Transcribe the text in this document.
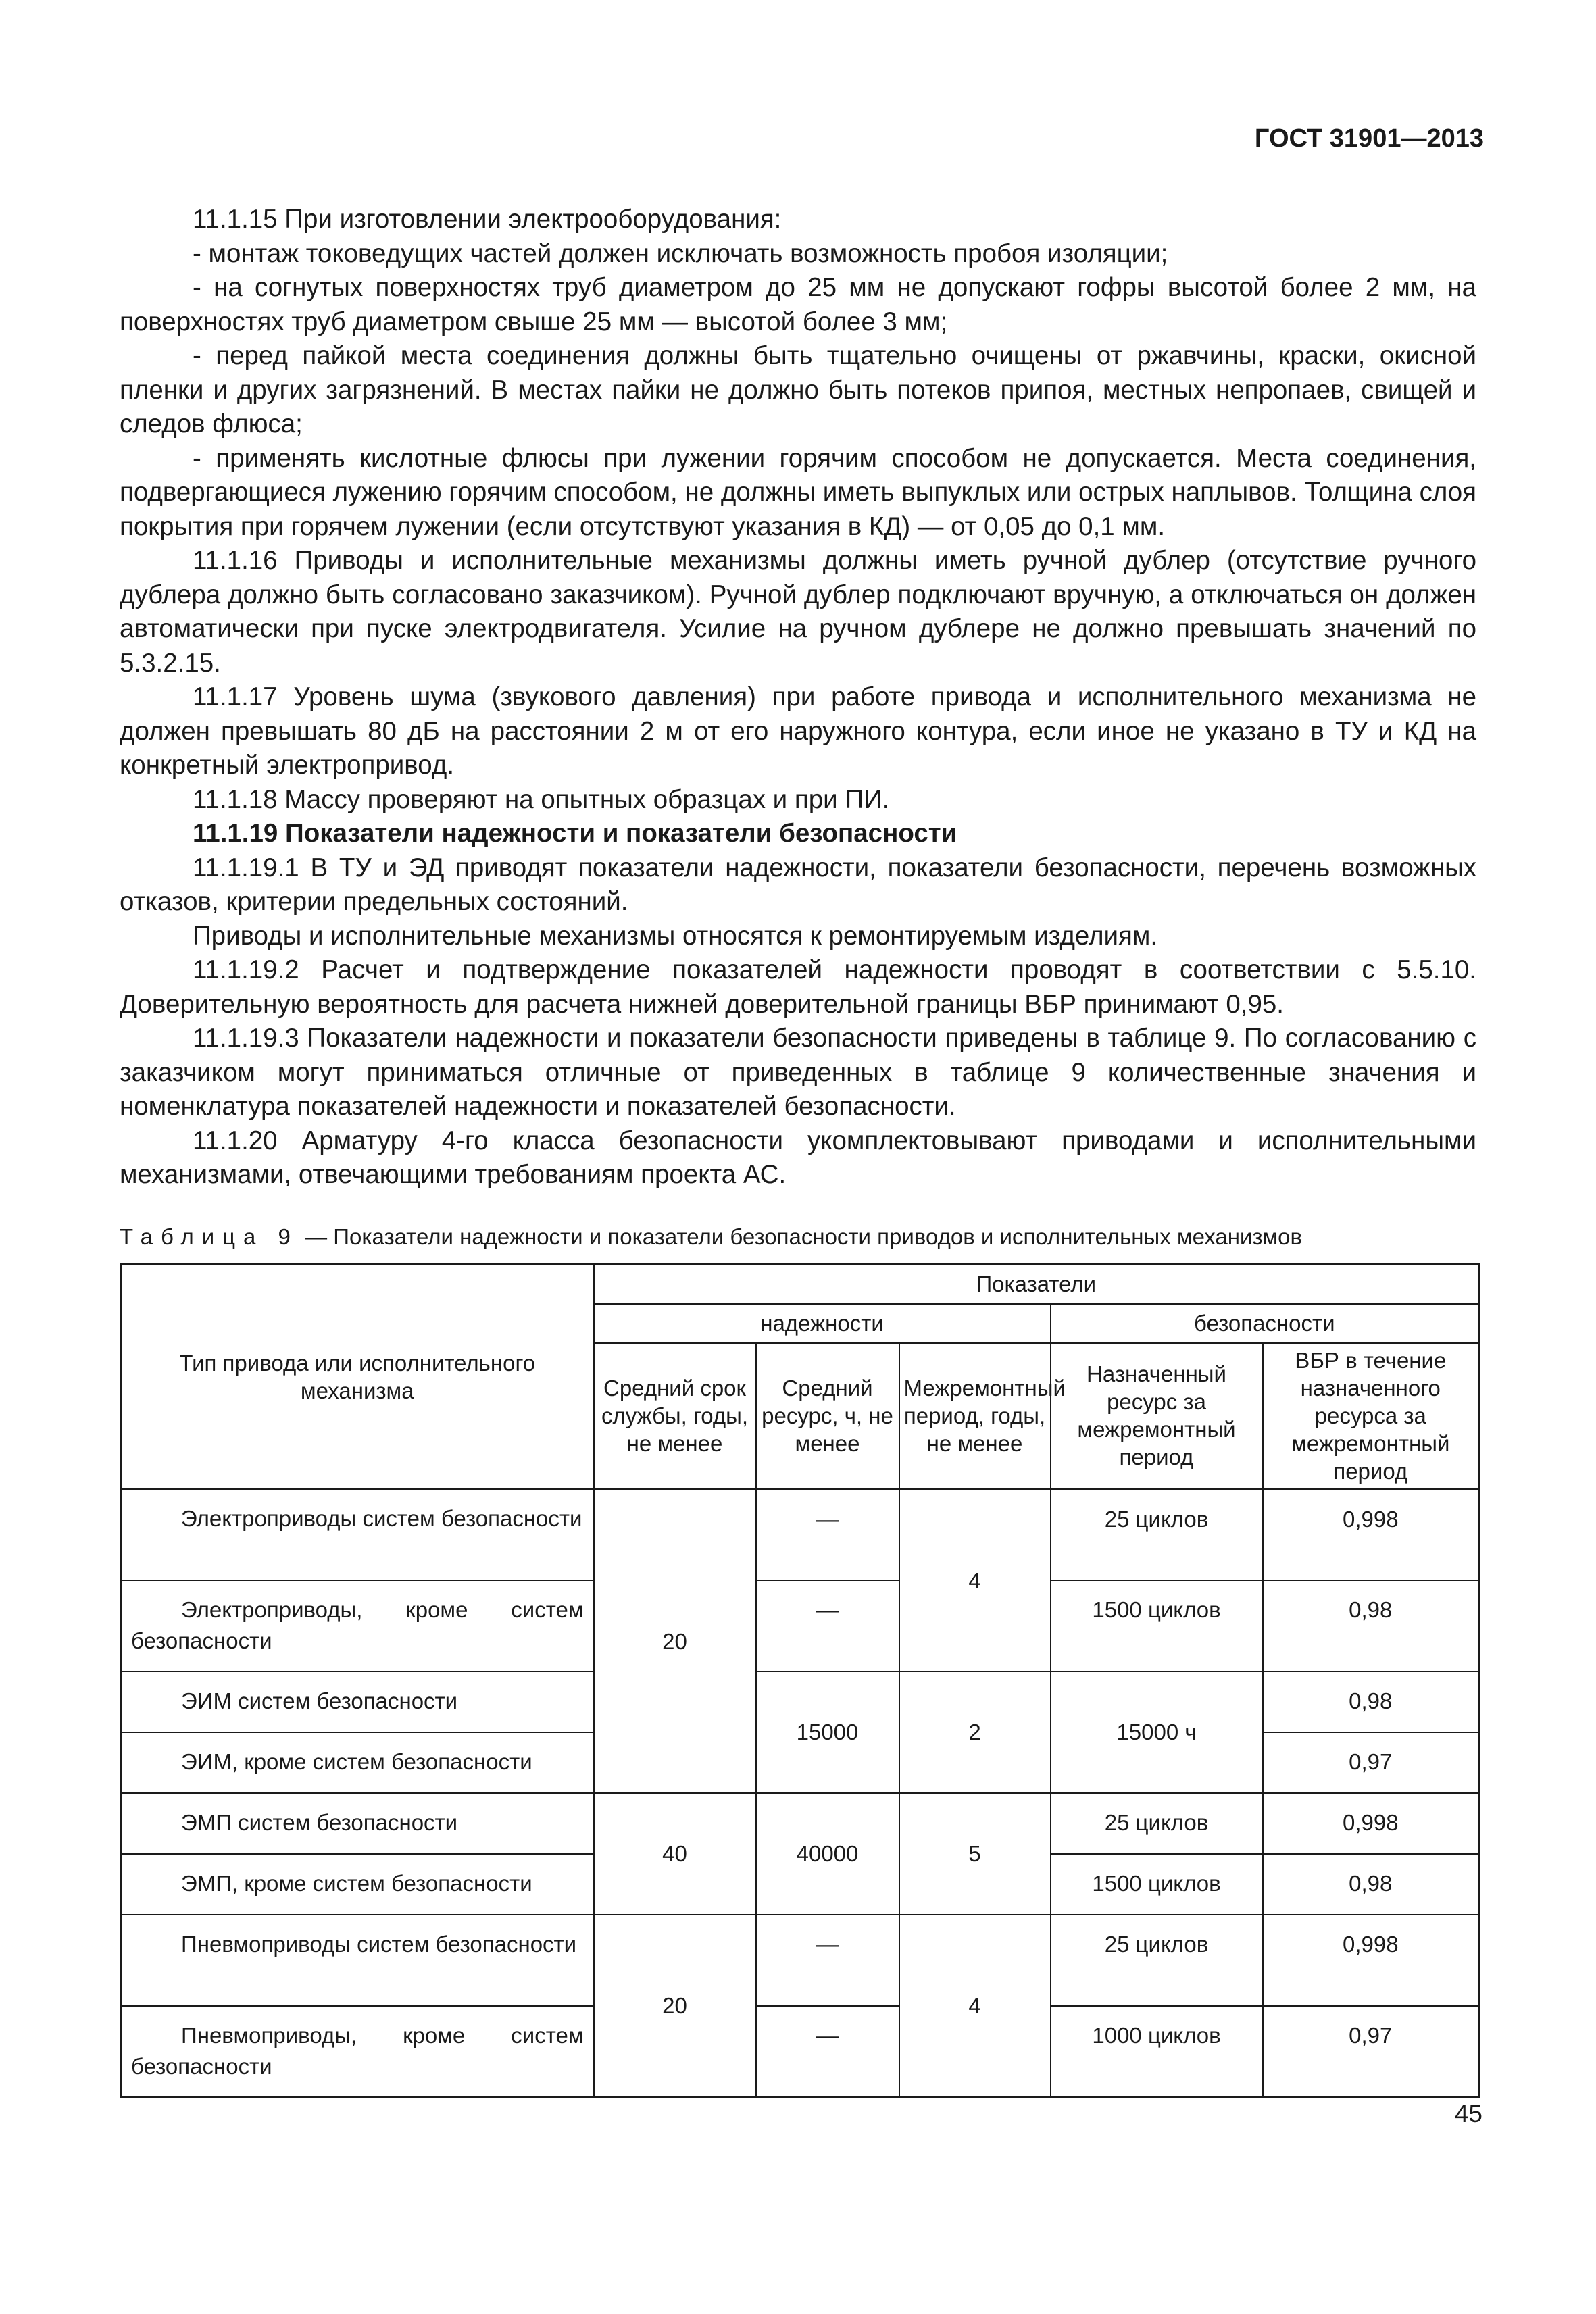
ГОСТ 31901—2013

11.1.15 При изготовлении электрооборудования:

- монтаж токоведущих частей должен исключать возможность пробоя изоляции;

- на согнутых поверхностях труб диаметром до 25 мм не допускают гофры высотой более 2 мм, на поверхностях труб диаметром свыше 25 мм — высотой более 3 мм;

- перед пайкой места соединения должны быть тщательно очищены от ржавчины, краски, окисной пленки и других загрязнений. В местах пайки не должно быть потеков припоя, местных непропаев, свищей и следов флюса;

- применять кислотные флюсы при лужении горячим способом не допускается. Места соединения, подвергающиеся лужению горячим способом, не должны иметь выпуклых или острых наплывов. Толщина слоя покрытия при горячем лужении (если отсутствуют указания в КД) — от 0,05 до 0,1 мм.

11.1.16 Приводы и исполнительные механизмы должны иметь ручной дублер (отсутствие ручного дублера должно быть согласовано заказчиком). Ручной дублер подключают вручную, а отключаться он должен автоматически при пуске электродвигателя. Усилие на ручном дублере не должно превышать значений по 5.3.2.15.

11.1.17 Уровень шума (звукового давления) при работе привода и исполнительного механизма не должен превышать 80 дБ на расстоянии 2 м от его наружного контура, если иное не указано в ТУ и КД на конкретный электропривод.

11.1.18 Массу проверяют на опытных образцах и при ПИ.

11.1.19 Показатели надежности и показатели безопасности

11.1.19.1 В ТУ и ЭД приводят показатели надежности, показатели безопасности, перечень возможных отказов, критерии предельных состояний.

Приводы и исполнительные механизмы относятся к ремонтируемым изделиям.

11.1.19.2 Расчет и подтверждение показателей надежности проводят в соответствии с 5.5.10. Доверительную вероятность для расчета нижней доверительной границы ВБР принимают 0,95.

11.1.19.3 Показатели надежности и показатели безопасности приведены в таблице 9. По согласованию с заказчиком могут приниматься отличные от приведенных в таблице 9 количественные значения и номенклатура показателей надежности и показателей безопасности.

11.1.20 Арматуру 4-го класса безопасности укомплектовывают приводами и исполнительными механизмами, отвечающими требованиям проекта АС.

Таблица 9 — Показатели надежности и показатели безопасности приводов и исполнительных механизмов
Тип привода или исполнительного механизма	Показатели				
	надежности			безопасности	
	Средний срок службы, годы, не менее	Средний ресурс, ч, не менее	Межремонтный период, годы, не менее	Назначенный ресурс за межремонтный период	ВБР в течение назначенного ресурса за межремонтный период

Электроприводы систем безопасности	20	—	4	25 циклов	0,998

Электроприводы, кроме систем безопасности		—		1500 циклов	0,98

ЭИМ систем безопасности		15000	2	15000 ч	0,98

ЭИМ, кроме систем безопасности					0,97

ЭМП систем безопасности	40	40000	5	25 циклов	0,998

ЭМП, кроме систем безопасности				1500 циклов	0,98

Пневмоприводы систем безопасности	20	—	4	25 циклов	0,998

Пневмоприводы, кроме систем безопасности		—		1000 циклов	0,97
45
